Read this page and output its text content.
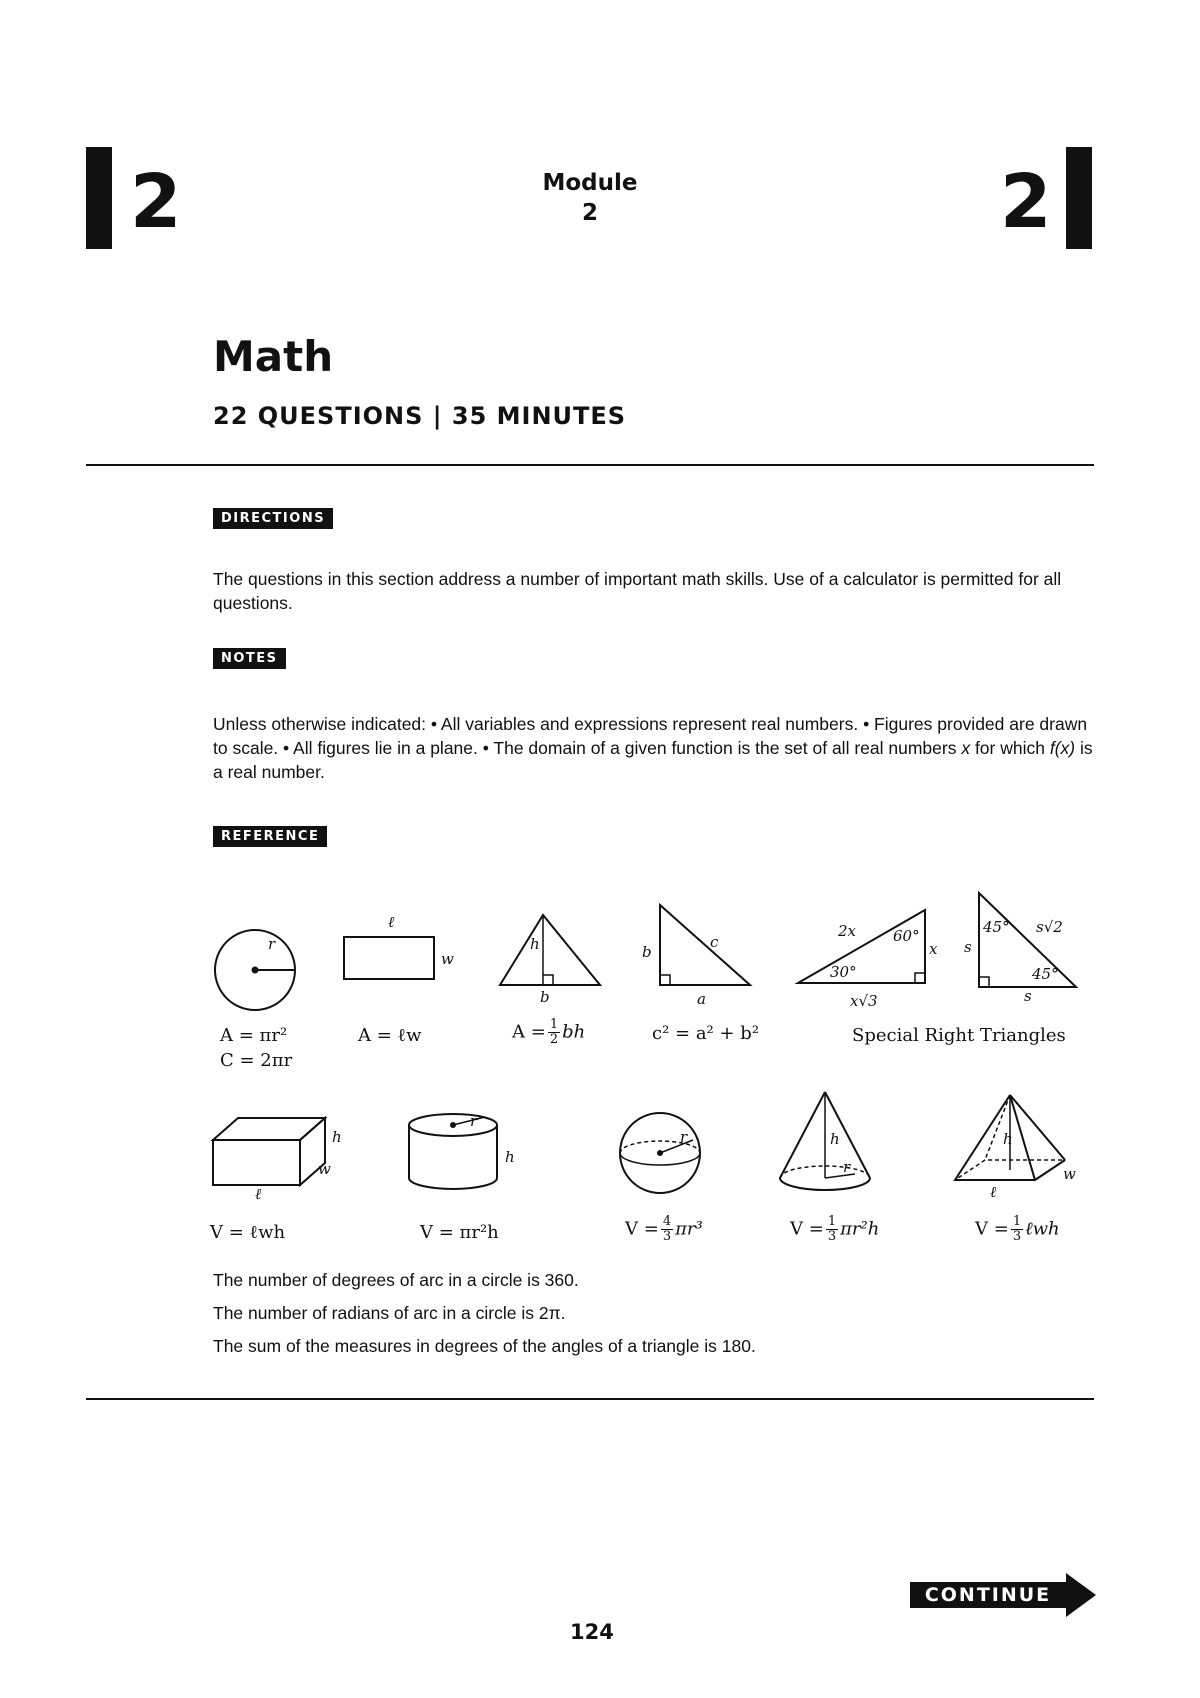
2	Module
2	2
Math
22 QUESTIONS | 35 MINUTES
DIRECTIONS
The questions in this section address a number of important math skills. Use of a calculator is permitted for all questions.
NOTES
Unless otherwise indicated: • All variables and expressions represent real numbers. • Figures provided are drawn to scale. • All figures lie in a plane. • The domain of a given function is the set of all real numbers x for which f(x) is a real number.
REFERENCE
r
A = πr²
C = 2πr
ℓ
w
A = ℓw
h
b
$A = \frac{1}{2}$ bh
b
c
a
c² = a² + b²
2x 60°
x
30°
x√3
45° s√2
s
45°
s
Special Right Triangles
h
w
ℓ
V = ℓwh
r
h
V = πr²h
r
$V = \frac{4}{3} \pi r^3$
h
r
$V = \frac{1}{3} \pi r^2h$
h
w
ℓ
$V = \frac{1}{3}$ ℓwh
The number of degrees of arc in a circle is 360.
The number of radians of arc in a circle is 2π.
The sum of the measures in degrees of the angles of a triangle is 180.
124
CONTINUE
